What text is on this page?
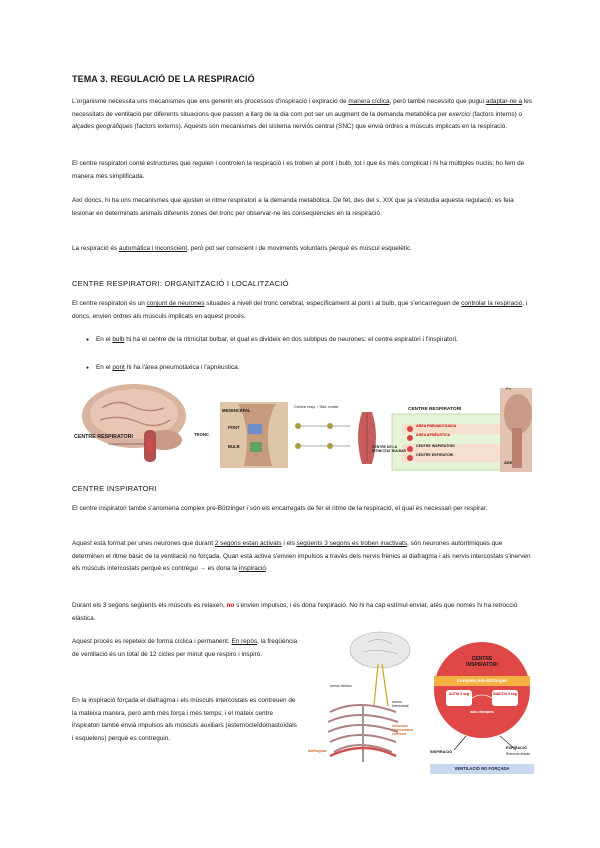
TEMA 3. REGULACIÓ DE LA RESPIRACIÓ

L'organisme necessita uns mecanismes que ens generin els processos d'inspiració i expiració de manera cíclica, però també necessito que pugui adaptar-ne a les necessitats de ventilació per diferents situacions que passen a llarg de la dia com pot ser un augment de la demanda metabòlica per exercici (factors interns) o alçades geogràfiques (factors externs). Aquests són mecanismes del sistema nerviós central (SNC) que envià ordres a músculs implicats en la respiració.

El centre respiratori conté estructures que regulen i controlen la respiració i es troben al pont i bulb, tot i que és més complicat i hi ha múltiples nuclis; ho fem de manera més simplificada.

Així doncs, hi ha uns mecanismes que ajusten el ritme respiratori a la demanda metabòlica. De fet, des del s. XIX que ja s'estudia aquesta regulació: es feia lesionar en determinats animals diferents zones del tronc per observar-ne les conseqüències en la respiració.

La respiració és automàtica i inconscient, però pot ser conscient i de moviments voluntaris perquè és múscul esquelètic.

CENTRE RESPIRATORI: ORGANITZACIÓ I LOCALITZACIÓ

El centre respiratori és un conjunt de neurones situades a nivell del tronc cerebral, específicament al pont i al bulb, que s'encarreguen de controlar la respiració, i doncs, envien ordres als músculs implicats en aquest procés.

● En el bulb hi ha el centre de la ritmicitat bulbar, el qual es divideix en dos subtipus de neurones: el centre espiratori i l'inspiratori.
● En el pont hi ha l'àrea pneumotàxica i l'apnèustica.
CENTRE RESPIRATORI
MESENCÈFAL
TRONC
PONT
BULB
Centre resp. / Sist. motor
CENTRE RESPIRATORI
ÀREA PNEUMOTÀXICA
ÀREA APNÈUSTICA
CENTRE INSPIRATORI
CENTRE ESPIRATORI
CENTRE DE LA RITMICITAT BULBAR
Pn
ÀRE
CENTRE INSPIRATORI

El centre inspiratori també s'anomena complex pre-Bötzinger i són els encarregats de fer el ritme de la respiració, el qual és necessari per respirar.

Aquest està format per unes neurones que durant 2 segons estan activats i els següents 3 segons es troben inactivats, són neurones autorítmiques que determinen el ritme bàsic de la ventilació no forçada. Quan està activa s'envien impulsos a través dels nervis frènics al diafragma i als nervis intercostals s'inerven els músculs intercostals perquè es contregui → es dona la inspiració.

Durant els 3 segons següents els músculs es relaxen, no s'envien impulsos, i es dona l'expiració. No hi ha cap estímul enviat, atès que només hi ha retrocció elàstica.

Aquest procés es repeteix de forma cíclica i permanent. En repòs, la freqüència de ventilació és un total de 12 cicles per minut que respiro i inspiro.

En la inspiració forçada el diafragma i els músculs intercostals es contreuen de la mateixa manera, però amb més força i més temps; i el mateix centre inspiratori també envià impulsos als músculs auxiliars (esternocleïdomastoïdals i esquelens) perquè es contreguin.

nervio frénico
nervio intercostal
músculos intercostales externos
diafragma
CENTRE
INSPIRATORI
Complex pre-Bötzinger
ACTIU 2 seg	INACTIU 3 seg
auto-rítmiques
INSPIRACIÓ
ESPIRACIÓ
Retrocés elàstic
VENTILACIÓ NO FORÇADA
